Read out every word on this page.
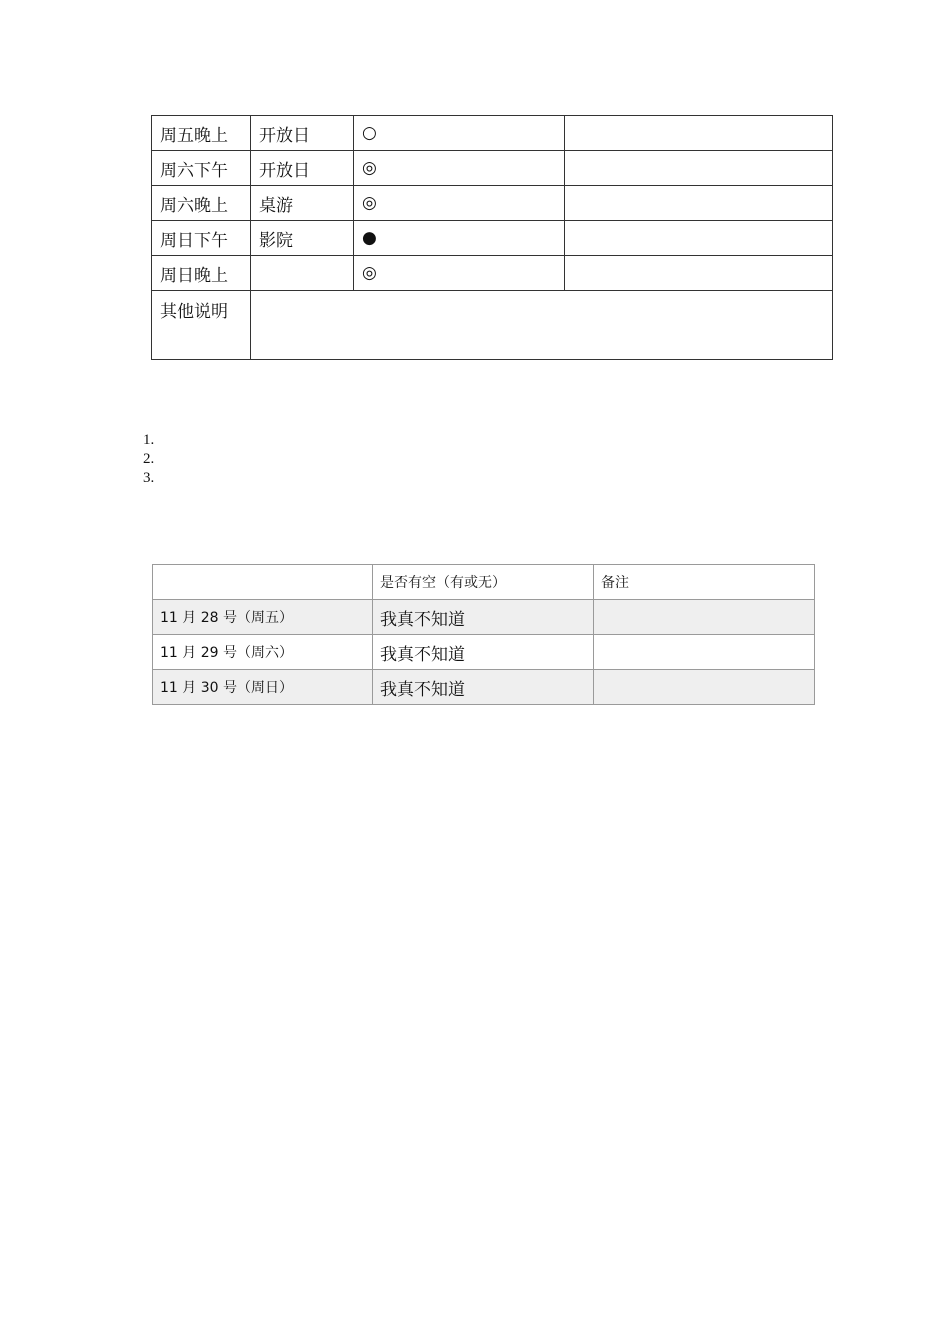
周五晚上	开放日	○	
周六下午	开放日	◎	
周六晚上	桌游	◎	
周日下午	影院	●	
周日晚上		◎	
其他说明			
1.
2.
3.
	是否有空（有或无）	备注
11 月 28 号（周五）	我真不知道	
11 月 29 号（周六）	我真不知道	
11 月 30 号（周日）	我真不知道	
